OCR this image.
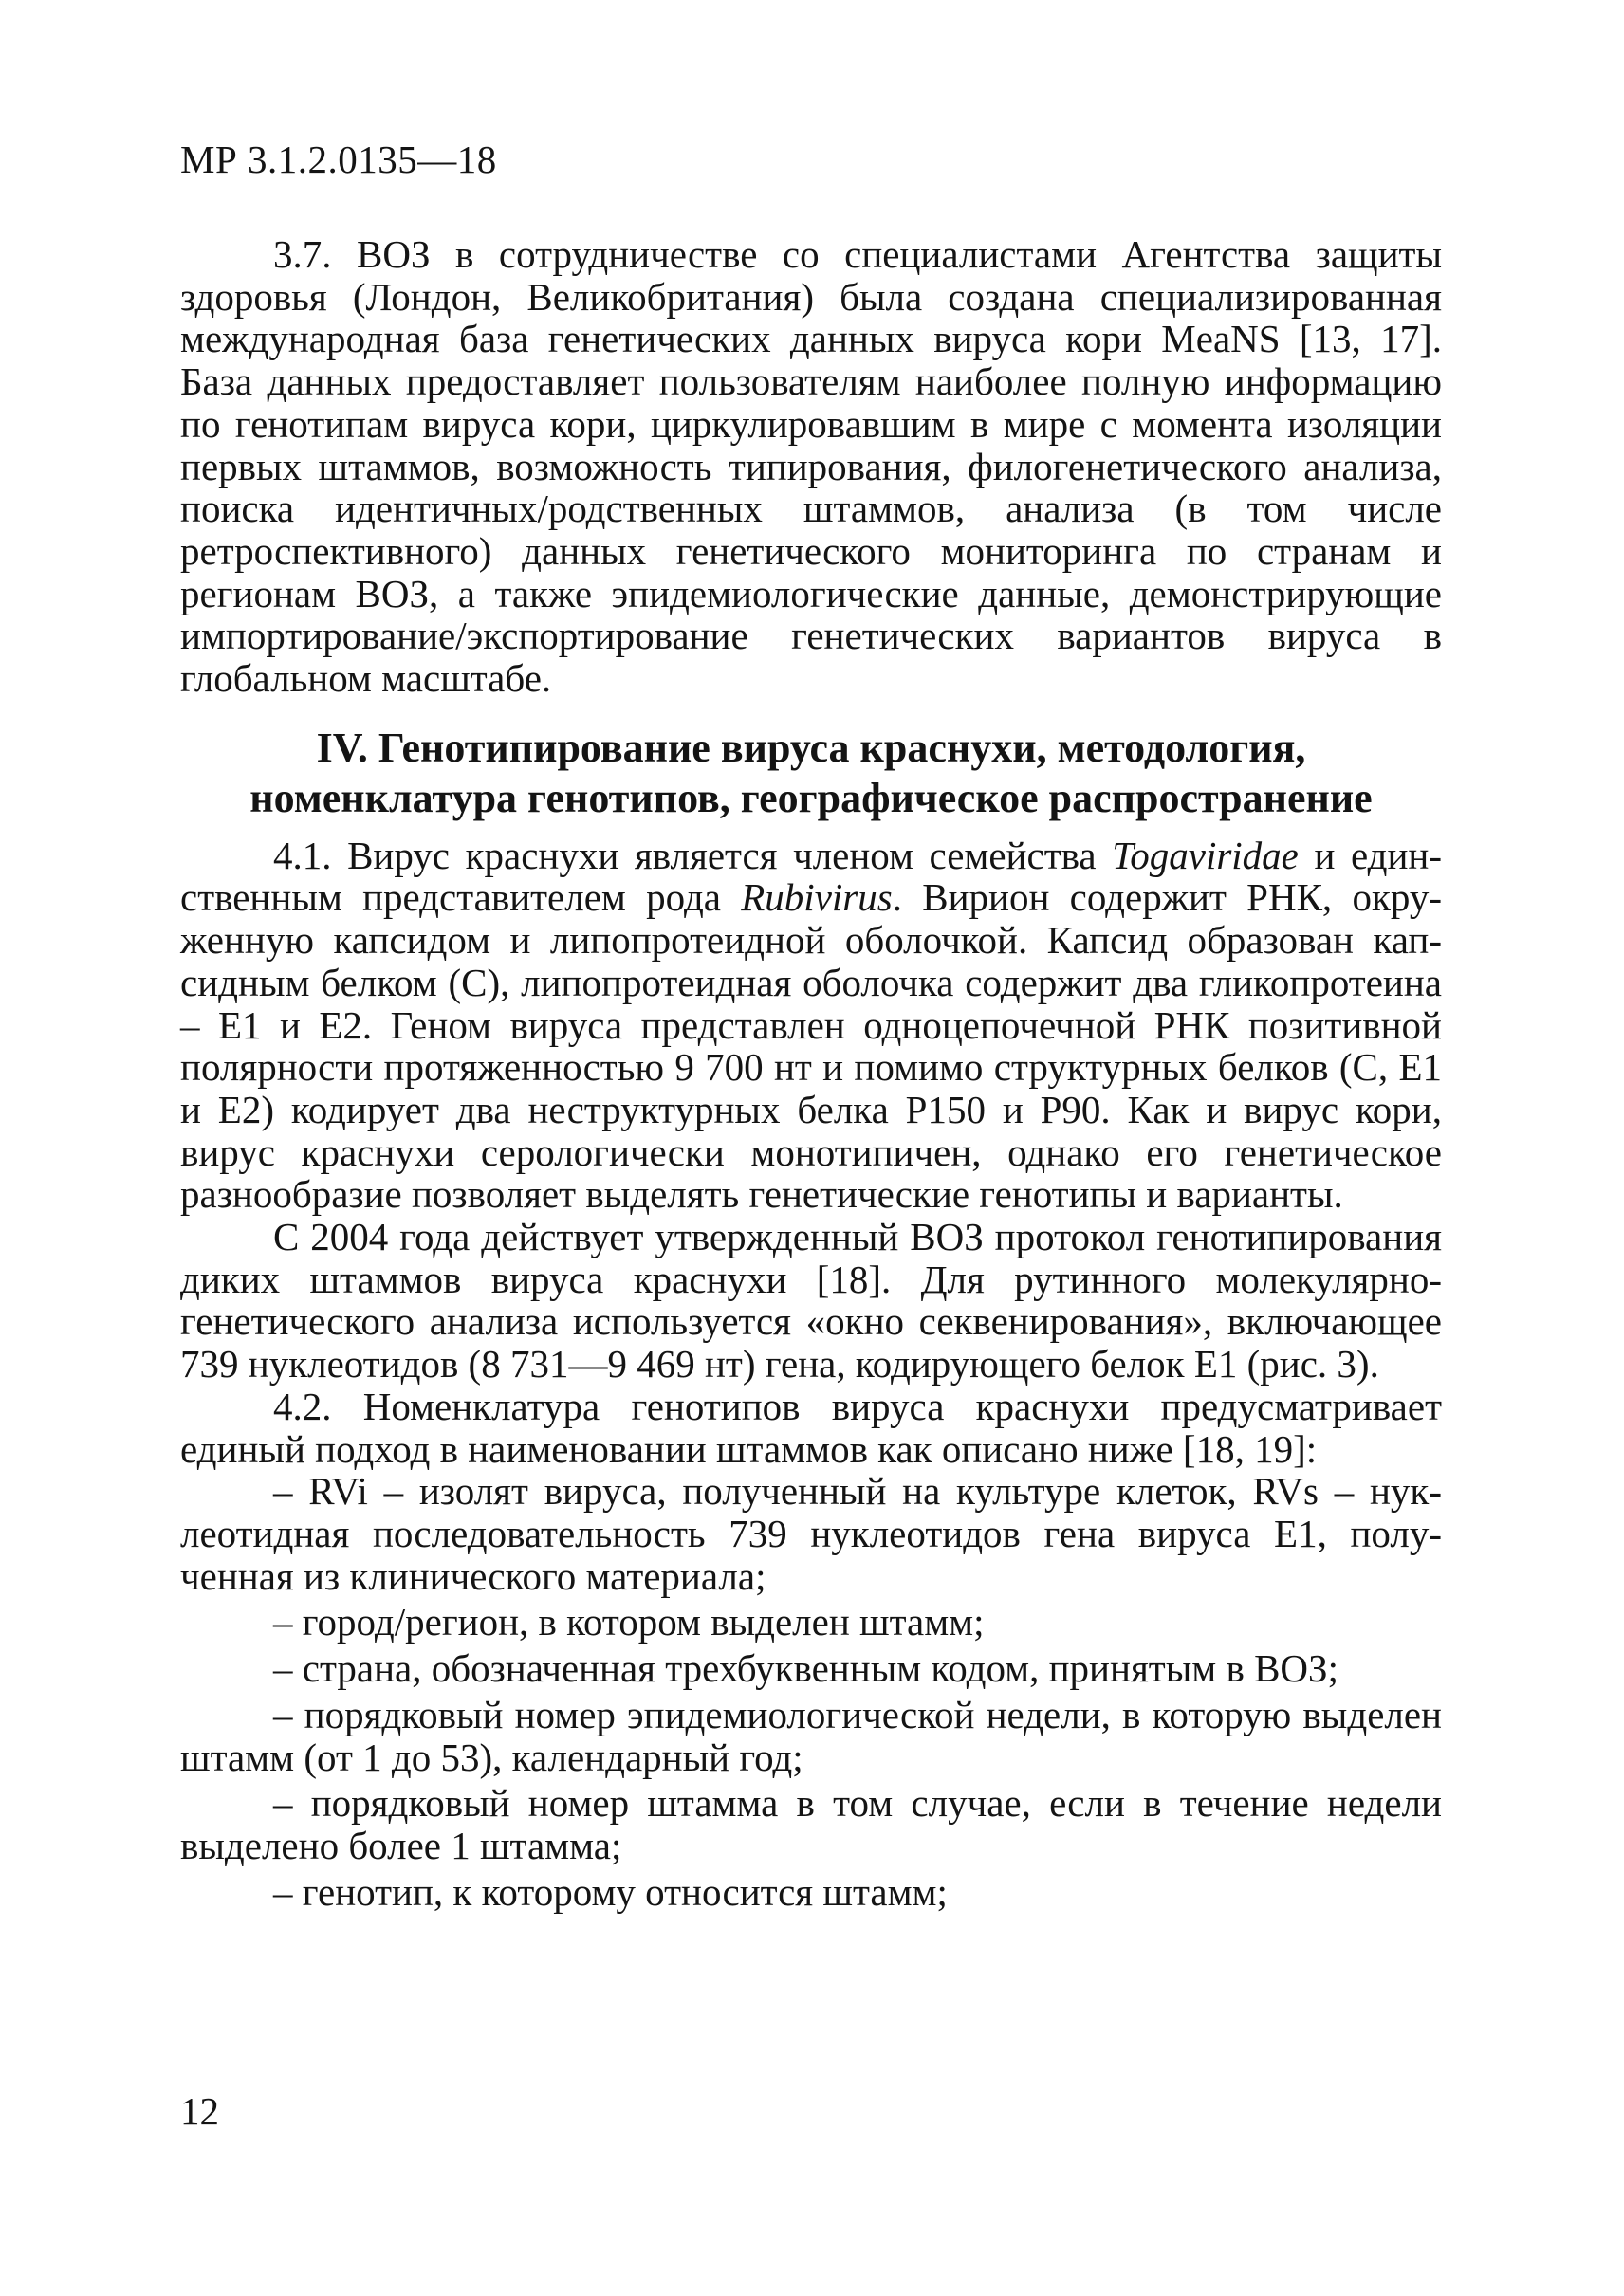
МР 3.1.2.0135—18

3.7. ВОЗ в сотрудничестве со специалистами Агентства защиты здоровья (Лондон, Великобритания) была создана специализированная международная база генетических данных вируса кори MeaNS [13, 17]. База данных предоставляет пользователям наиболее полную информацию по генотипам вируса кори, циркулировавшим в мире с момента изоляции первых штаммов, возможность типирования, филогенетического анализа, поиска идентичных/родственных штаммов, анализа (в том числе ретроспективного) данных генетического мониторинга по странам и регионам ВОЗ, а также эпидемиологические данные, демонстрирующие импортирование/экспортирование генетических вариантов вируса в глобальном масштабе.

IV. Генотипирование вируса краснухи, методология,
номенклатура генотипов, географическое распространение

4.1. Вирус краснухи является членом семейства Togaviridae и единственным представителем рода Rubivirus. Вирион содержит РНК, окруженную капсидом и липопротеидной оболочкой. Капсид образован капсидным белком (С), липопротеидная оболочка содержит два гликопротеина – Е1 и Е2. Геном вируса представлен одноцепочечной РНК позитивной полярности протяженностью 9 700 нт и помимо структурных белков (С, Е1 и Е2) кодирует два неструктурных белка Р150 и Р90. Как и вирус кори, вирус краснухи серологически монотипичен, однако его генетическое разнообразие позволяет выделять генетические генотипы и варианты.

С 2004 года действует утвержденный ВОЗ протокол генотипирования диких штаммов вируса краснухи [18]. Для рутинного молекулярно-генетического анализа используется «окно секвенирования», включающее 739 нуклеотидов (8 731—9 469 нт) гена, кодирующего белок Е1 (рис. 3).

4.2. Номенклатура генотипов вируса краснухи предусматривает единый подход в наименовании штаммов как описано ниже [18, 19]:

– RVi – изолят вируса, полученный на культуре клеток, RVs – нуклеотидная последовательность 739 нуклеотидов гена вируса Е1, полученная из клинического материала;

– город/регион, в котором выделен штамм;

– страна, обозначенная трехбуквенным кодом, принятым в ВОЗ;

– порядковый номер эпидемиологической недели, в которую выделен штамм (от 1 до 53), календарный год;

– порядковый номер штамма в том случае, если в течение недели выделено более 1 штамма;

– генотип, к которому относится штамм;

12
